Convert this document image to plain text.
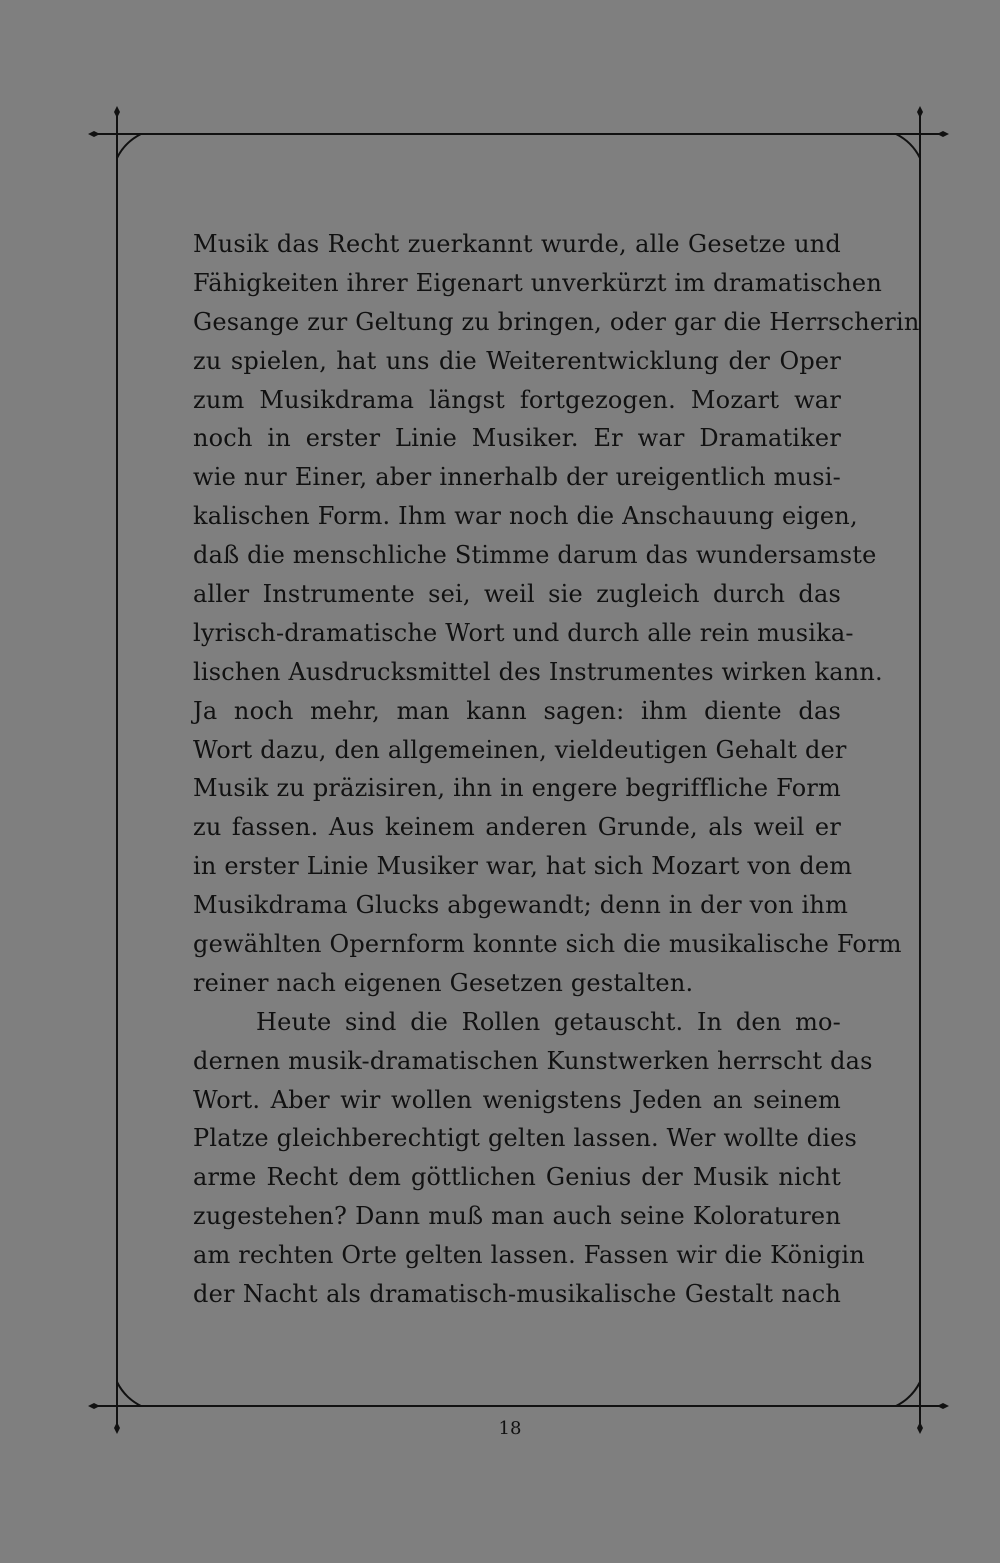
Musik das Recht zuerkannt wurde, alle Gesetze und
Fähigkeiten ihrer Eigenart unverkürzt im dramatischen
Gesange zur Geltung zu bringen, oder gar die Herrscherin
zu spielen, hat uns die Weiterentwicklung der Oper
zum Musikdrama längst fortgezogen. Mozart war
noch in erster Linie Musiker. Er war Dramatiker
wie nur Einer, aber innerhalb der ureigentlich musi-
kalischen Form. Ihm war noch die Anschauung eigen,
daß die menschliche Stimme darum das wundersamste
aller Instrumente sei, weil sie zugleich durch das
lyrisch-dramatische Wort und durch alle rein musika-
lischen Ausdrucksmittel des Instrumentes wirken kann.
Ja noch mehr, man kann sagen: ihm diente das
Wort dazu, den allgemeinen, vieldeutigen Gehalt der
Musik zu präzisiren, ihn in engere begriffliche Form
zu fassen. Aus keinem anderen Grunde, als weil er
in erster Linie Musiker war, hat sich Mozart von dem
Musikdrama Glucks abgewandt; denn in der von ihm
gewählten Opernform konnte sich die musikalische Form
reiner nach eigenen Gesetzen gestalten.
Heute sind die Rollen getauscht. In den mo-
dernen musik-dramatischen Kunstwerken herrscht das
Wort. Aber wir wollen wenigstens Jeden an seinem
Platze gleichberechtigt gelten lassen. Wer wollte dies
arme Recht dem göttlichen Genius der Musik nicht
zugestehen? Dann muß man auch seine Koloraturen
am rechten Orte gelten lassen. Fassen wir die Königin
der Nacht als dramatisch-musikalische Gestalt nach
18
